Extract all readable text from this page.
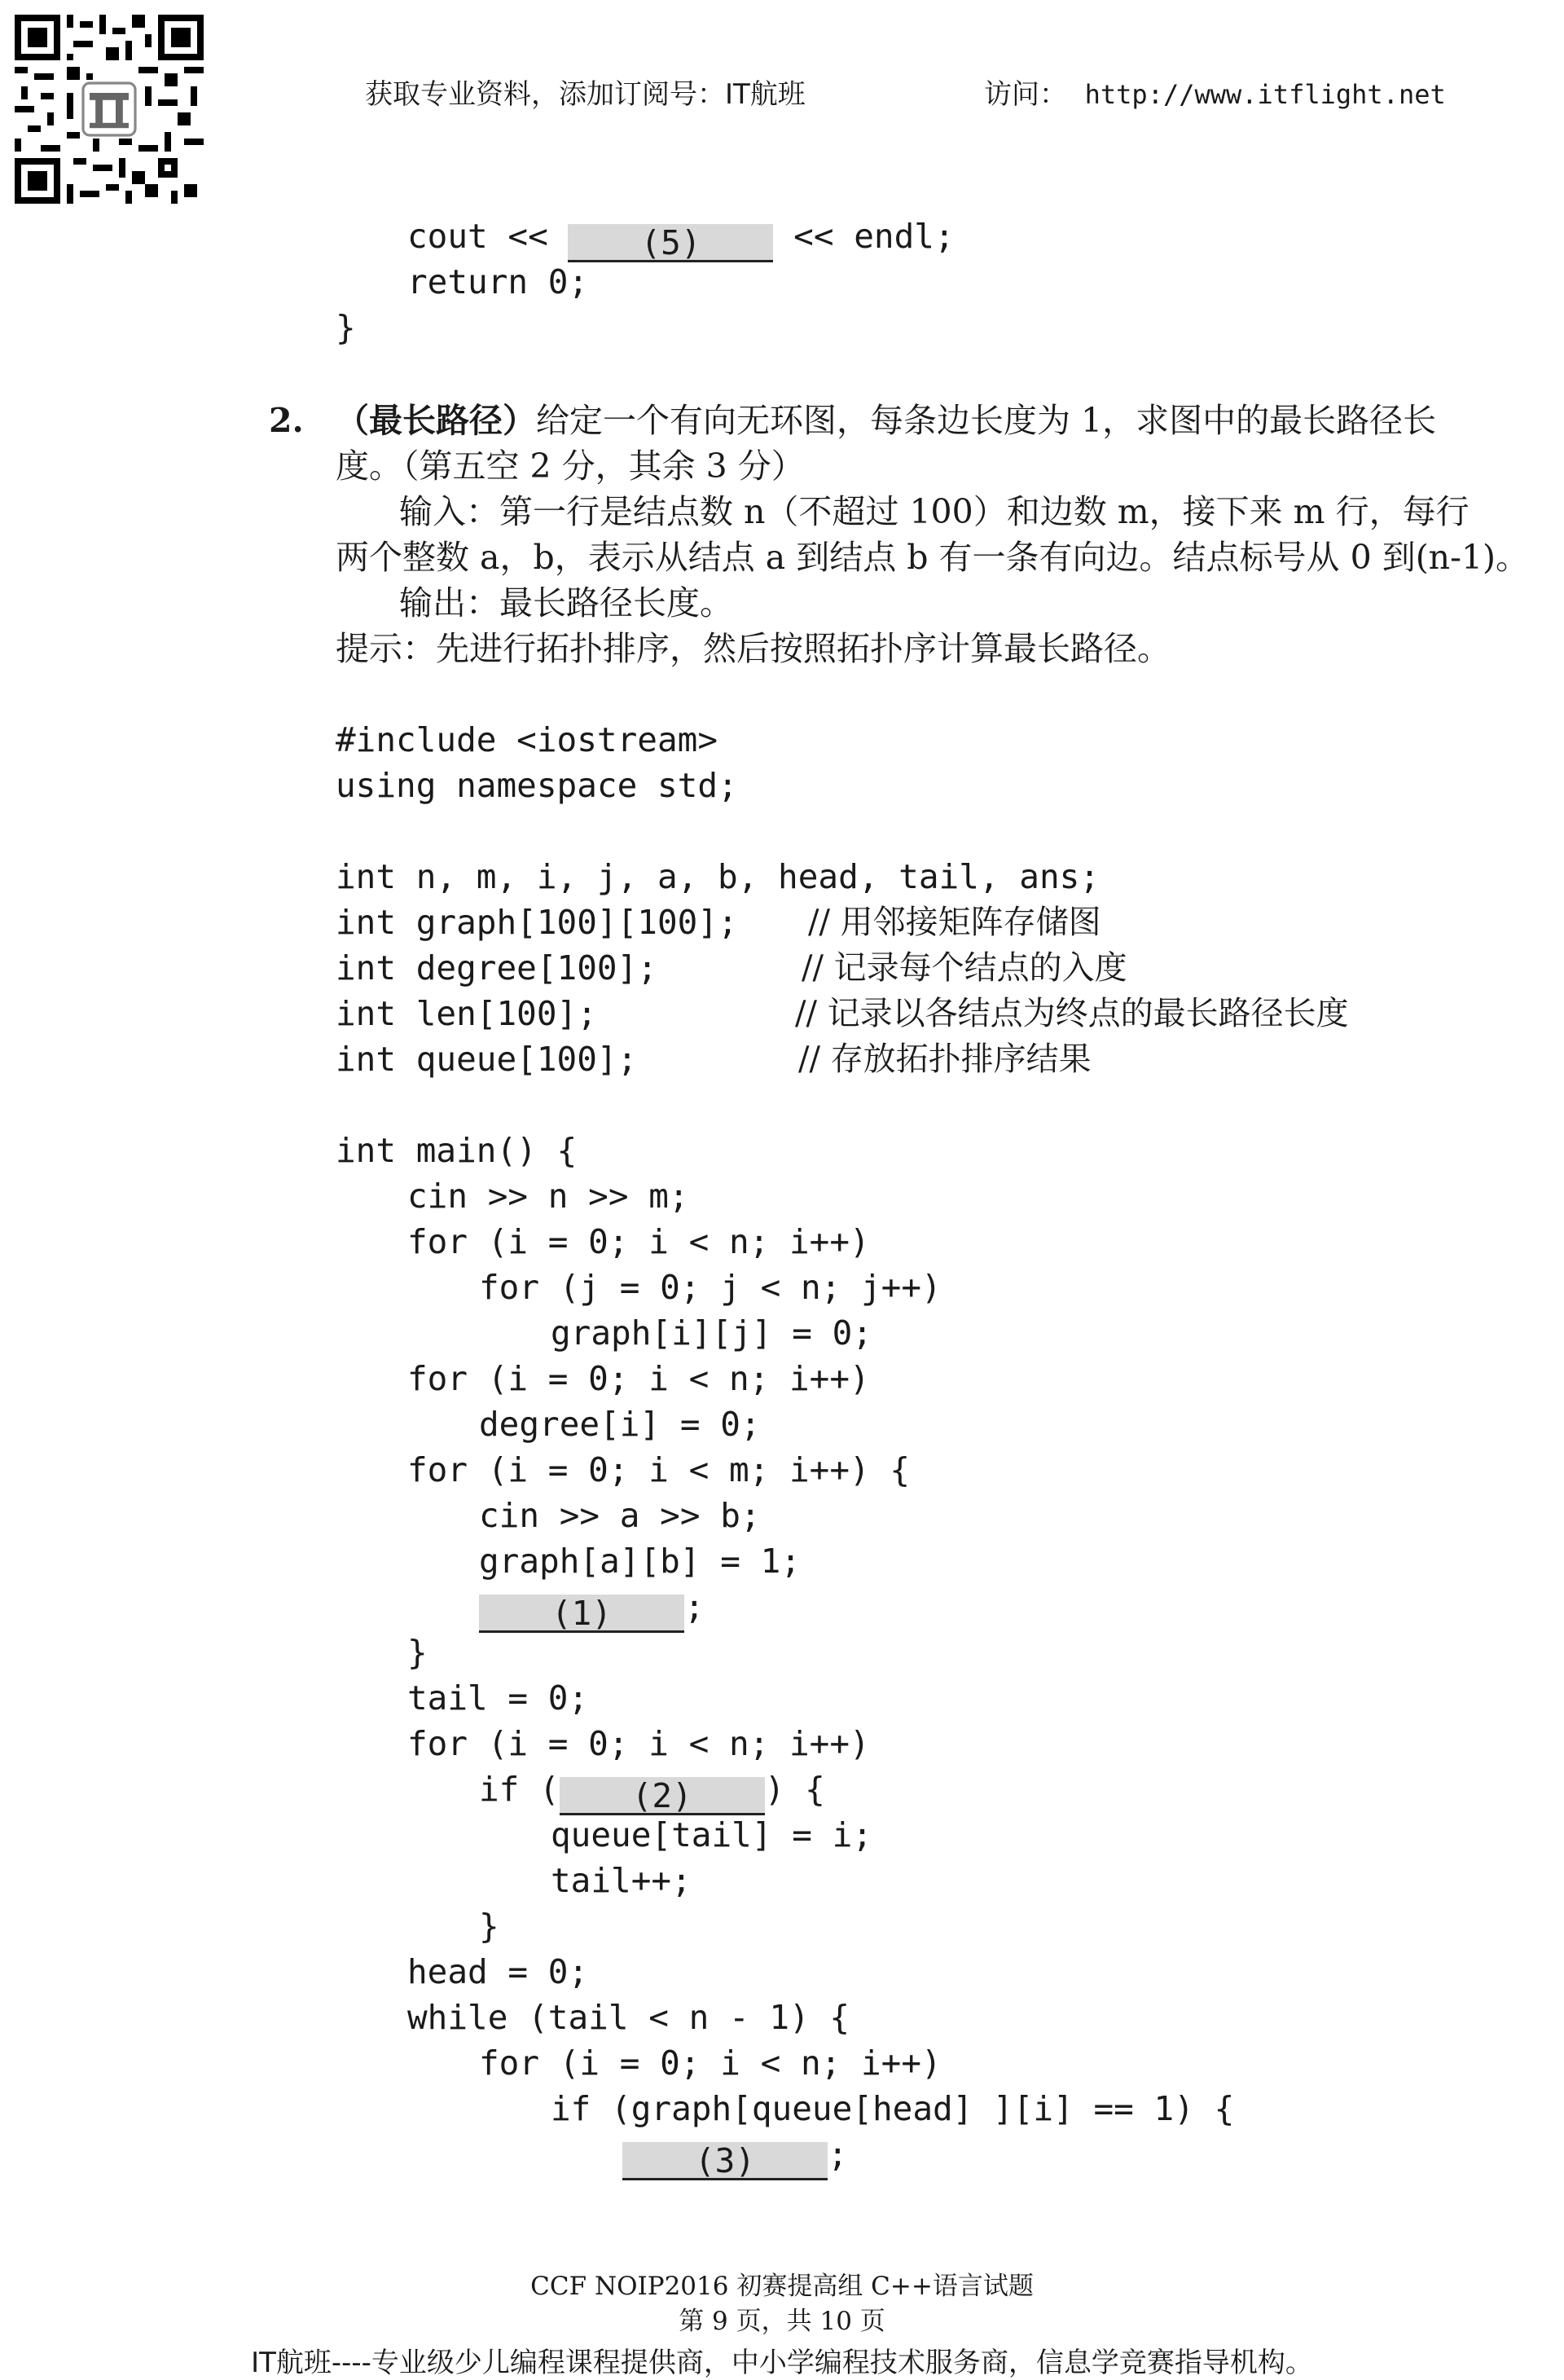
获取专业资料，添加订阅号：IT航班	访问： http://www.itflight.net
cout << (5) << endl;
return 0;
}
2. （最长路径）给定一个有向无环图，每条边长度为 1，求图中的最长路径长
度。（第五空 2 分，其余 3 分）
输入：第一行是结点数 n（不超过 100）和边数 m，接下来 m 行，每行
两个整数 a，b，表示从结点 a 到结点 b 有一条有向边。结点标号从 0 到(n-1)。
输出：最长路径长度。
提示：先进行拓扑排序，然后按照拓扑序计算最长路径。
#include <iostream>
using namespace std;
int n, m, i, j, a, b, head, tail, ans;
int graph[100][100]; // 用邻接矩阵存储图
int degree[100];	// 记录每个结点的入度
int len[100];	// 记录以各结点为终点的最长路径长度
int queue[100];	// 存放拓扑排序结果
int main() {
cin >> n >> m;
for (i = 0; i < n; i++)
for (j = 0; j < n; j++)
graph[i][j] = 0;
for (i = 0; i < n; i++)
degree[i] = 0;
for (i = 0; i < m; i++) {
cin >> a >> b;
graph[a][b] = 1;
(1) ;
}
tail = 0;
for (i = 0; i < n; i++)
if ( (2) ) {
queue[tail] = i;
tail++;
}
head = 0;
while (tail < n - 1) {
for (i = 0; i < n; i++)
if (graph[queue[head] ][i] == 1) {
(3) ;
CCF NOIP2016 初赛提高组 C++语言试题
第 9 页，共 10 页
IT航班----专业级少儿编程课程提供商，中小学编程技术服务商，信息学竞赛指导机构。
